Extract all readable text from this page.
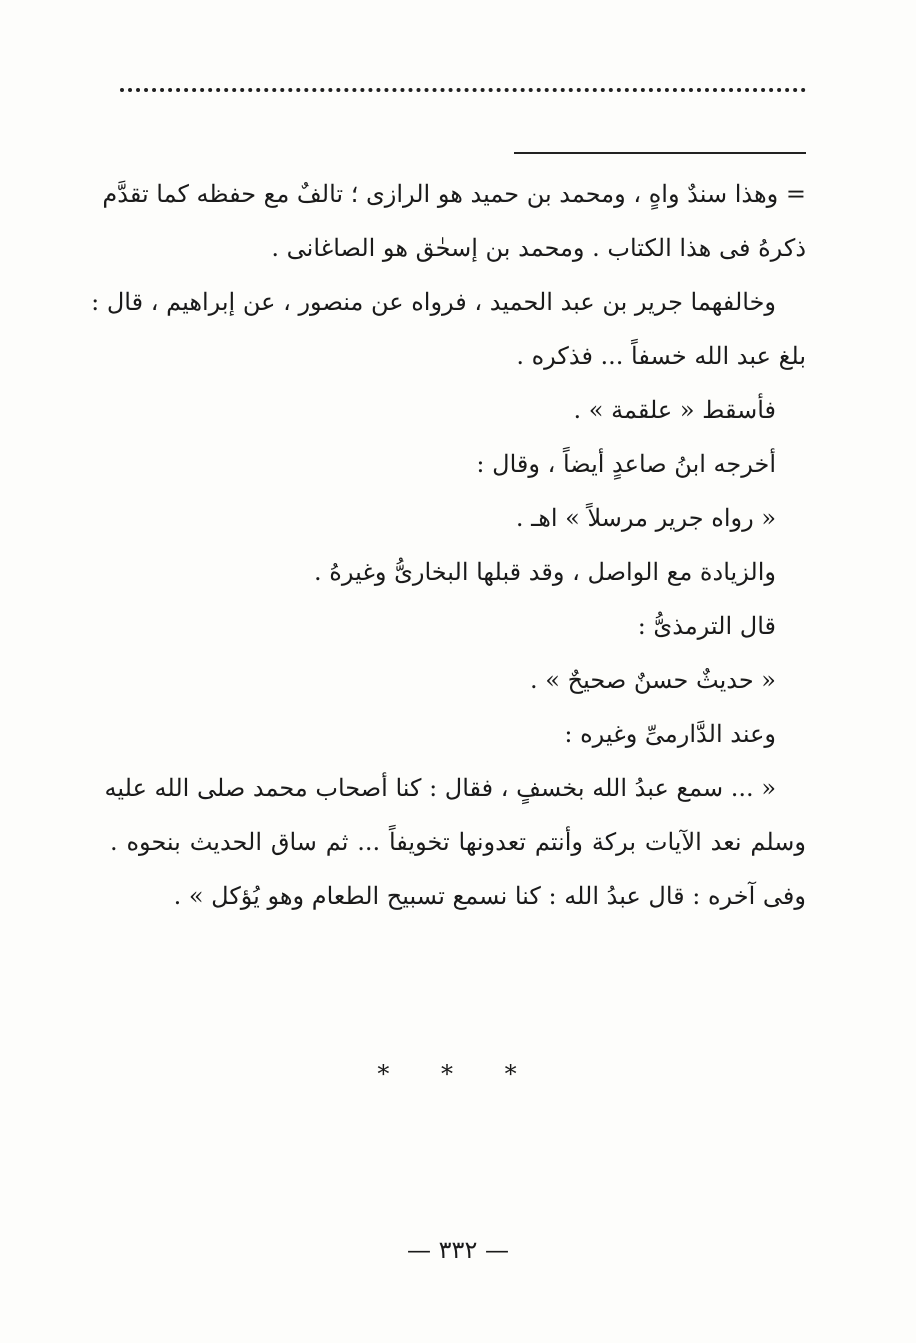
= وهذا سندٌ واهٍ ، ومحمد بن حميد هو الرازى ؛ تالفٌ مع حفظه كما تقدَّم
ذكرهُ فى هذا الكتاب . ومحمد بن إسحٰق هو الصاغانى .
وخالفهما جرير بن عبد الحميد ، فرواه عن منصور ، عن إبراهيم ، قال :
بلغ عبد الله خسفاً ... فذكره .
فأسقط « علقمة » .
أخرجه ابنُ صاعدٍ أيضاً ، وقال :
« رواه جرير مرسلاً » اهـ .
والزيادة مع الواصل ، وقد قبلها البخارىُّ وغيرهُ .
قال الترمذىُّ :
« حديثٌ حسنٌ صحيحٌ » .
وعند الدَّارمىِّ وغيره :
« ... سمع عبدُ الله بخسفٍ ، فقال : كنا أصحاب محمد صلى الله عليه
وسلم نعد الآيات بركة وأنتم تعدونها تخويفاً ... ثم ساق الحديث بنحوه .
وفى آخره : قال عبدُ الله : كنا نسمع تسبيح الطعام وهو يُؤكل » .
* * *
— ٣٣٢ —
